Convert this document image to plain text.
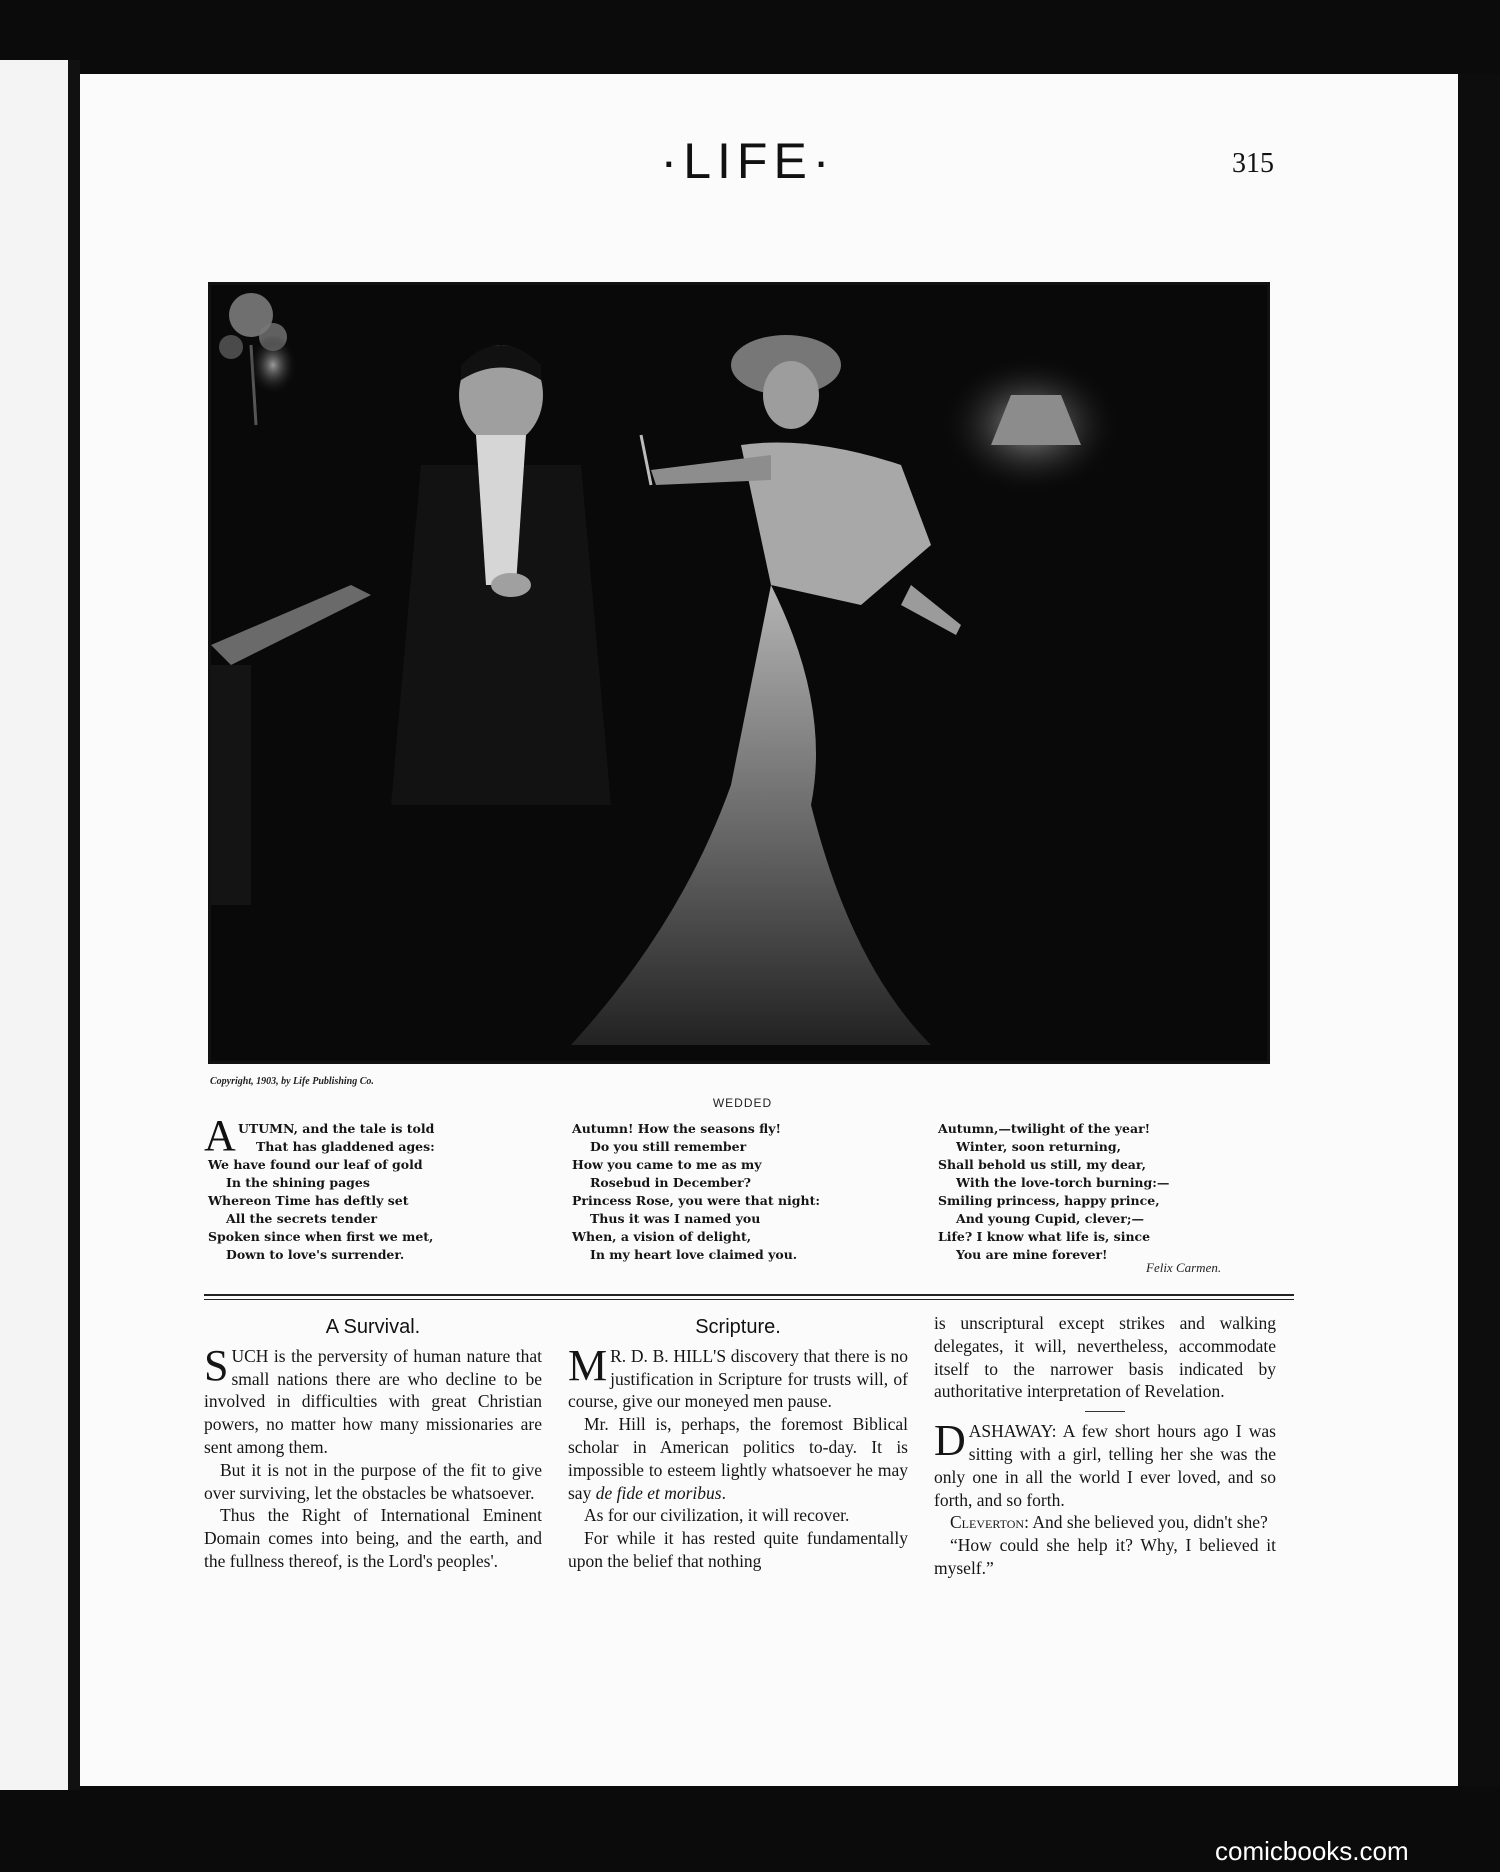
·LIFE·	315
Copyright, 1903, by Life Publishing Co.
WEDDED
A UTUMN, and the tale is told
That has gladdened ages:
We have found our leaf of gold
In the shining pages
Whereon Time has deftly set
All the secrets tender
Spoken since when first we met,
Down to love's surrender.
Autumn! How the seasons fly!
Do you still remember
How you came to me as my
Rosebud in December?
Princess Rose, you were that night:
Thus it was I named you
When, a vision of delight,
In my heart love claimed you.
Autumn,—twilight of the year!
Winter, soon returning,
Shall behold us still, my dear,
With the love-torch burning:—
Smiling princess, happy prince,
And young Cupid, clever;—
Life? I know what life is, since
You are mine forever!
Felix Carmen.
A Survival.

SUCH is the perversity of human nature that small nations there are who decline to be involved in difficulties with great Christian powers, no matter how many missionaries are sent among them.

But it is not in the purpose of the fit to give over surviving, let the obstacles be whatsoever.

Thus the Right of International Eminent Domain comes into being, and the earth, and the fullness thereof, is the Lord's peoples'.

Scripture.

M R. D. B. HILL'S discovery that there is no justification in Scripture for trusts will, of course, give our moneyed men pause.

Mr. Hill is, perhaps, the foremost Biblical scholar in American politics to-day. It is impossible to esteem lightly whatsoever he may say de fide et moribus.

As for our civilization, it will recover.

For while it has rested quite fundamentally upon the belief that nothing

is unscriptural except strikes and walking delegates, it will, nevertheless, accommodate itself to the narrower basis indicated by authoritative interpretation of Revelation.

DASHAWAY: A few short hours ago I was sitting with a girl, telling her she was the only one in all the world I ever loved, and so forth, and so forth.

Cleverton: And she believed you, didn't she?

“How could she help it? Why, I believed it myself.”

comicbooks.com
